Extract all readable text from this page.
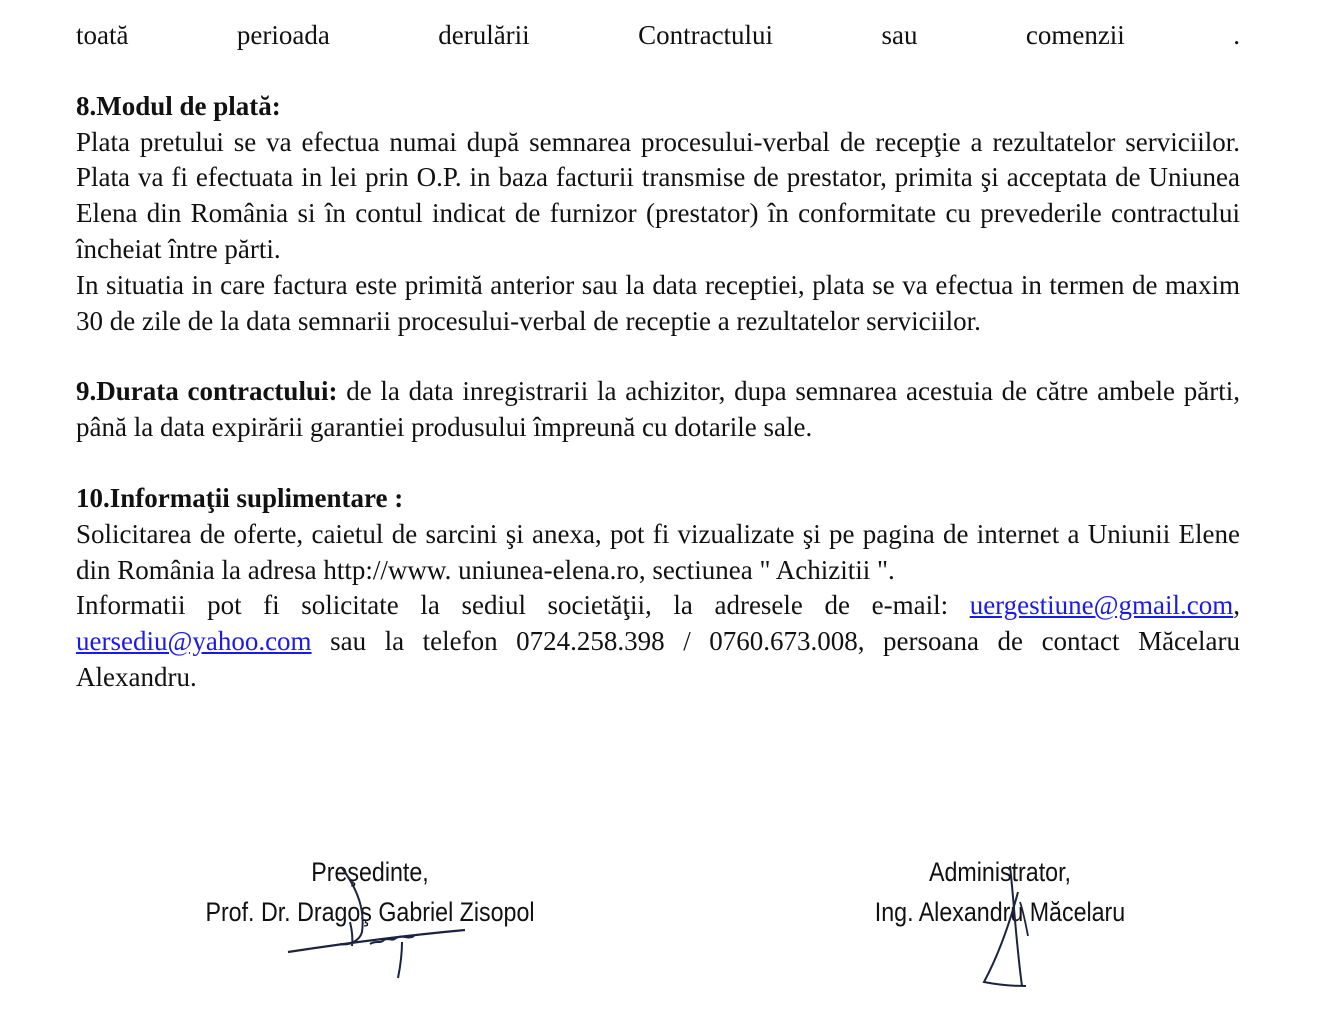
toată	perioada	derulării	Contractului	sau	comenzii	.
8.Modul de plată:

Plata pretului se va efectua numai după semnarea procesului-verbal de recepţie a rezultatelor serviciilor. Plata va fi efectuata in lei prin O.P. in baza facturii transmise de prestator, primita şi acceptata de Uniunea Elena din România si în contul indicat de furnizor (prestator) în conformitate cu prevederile contractului încheiat între părti.

In situatia in care factura este primită anterior sau la data receptiei, plata se va efectua in termen de maxim 30 de zile de la data semnarii procesului-verbal de receptie a rezultatelor serviciilor.

9.Durata contractului: de la data inregistrarii la achizitor, dupa semnarea acestuia de către ambele părti, până la data expirării garantiei produsului împreună cu dotarile sale.

10.Informaţii suplimentare :

Solicitarea de oferte, caietul de sarcini şi anexa, pot fi vizualizate şi pe pagina de internet a Uniunii Elene din România la adresa http://www. uniunea-elena.ro, sectiunea " Achizitii ".

Informatii pot fi solicitate la sediul societăţii, la adresele de e-mail: uergestiune@gmail.com, uersediu@yahoo.com sau la telefon 0724.258.398 / 0760.673.008, persoana de contact Măcelaru Alexandru.

Preşedinte,
Prof. Dr. Dragoş Gabriel Zisopol
Administrator,
Ing. Alexandru Măcelaru
